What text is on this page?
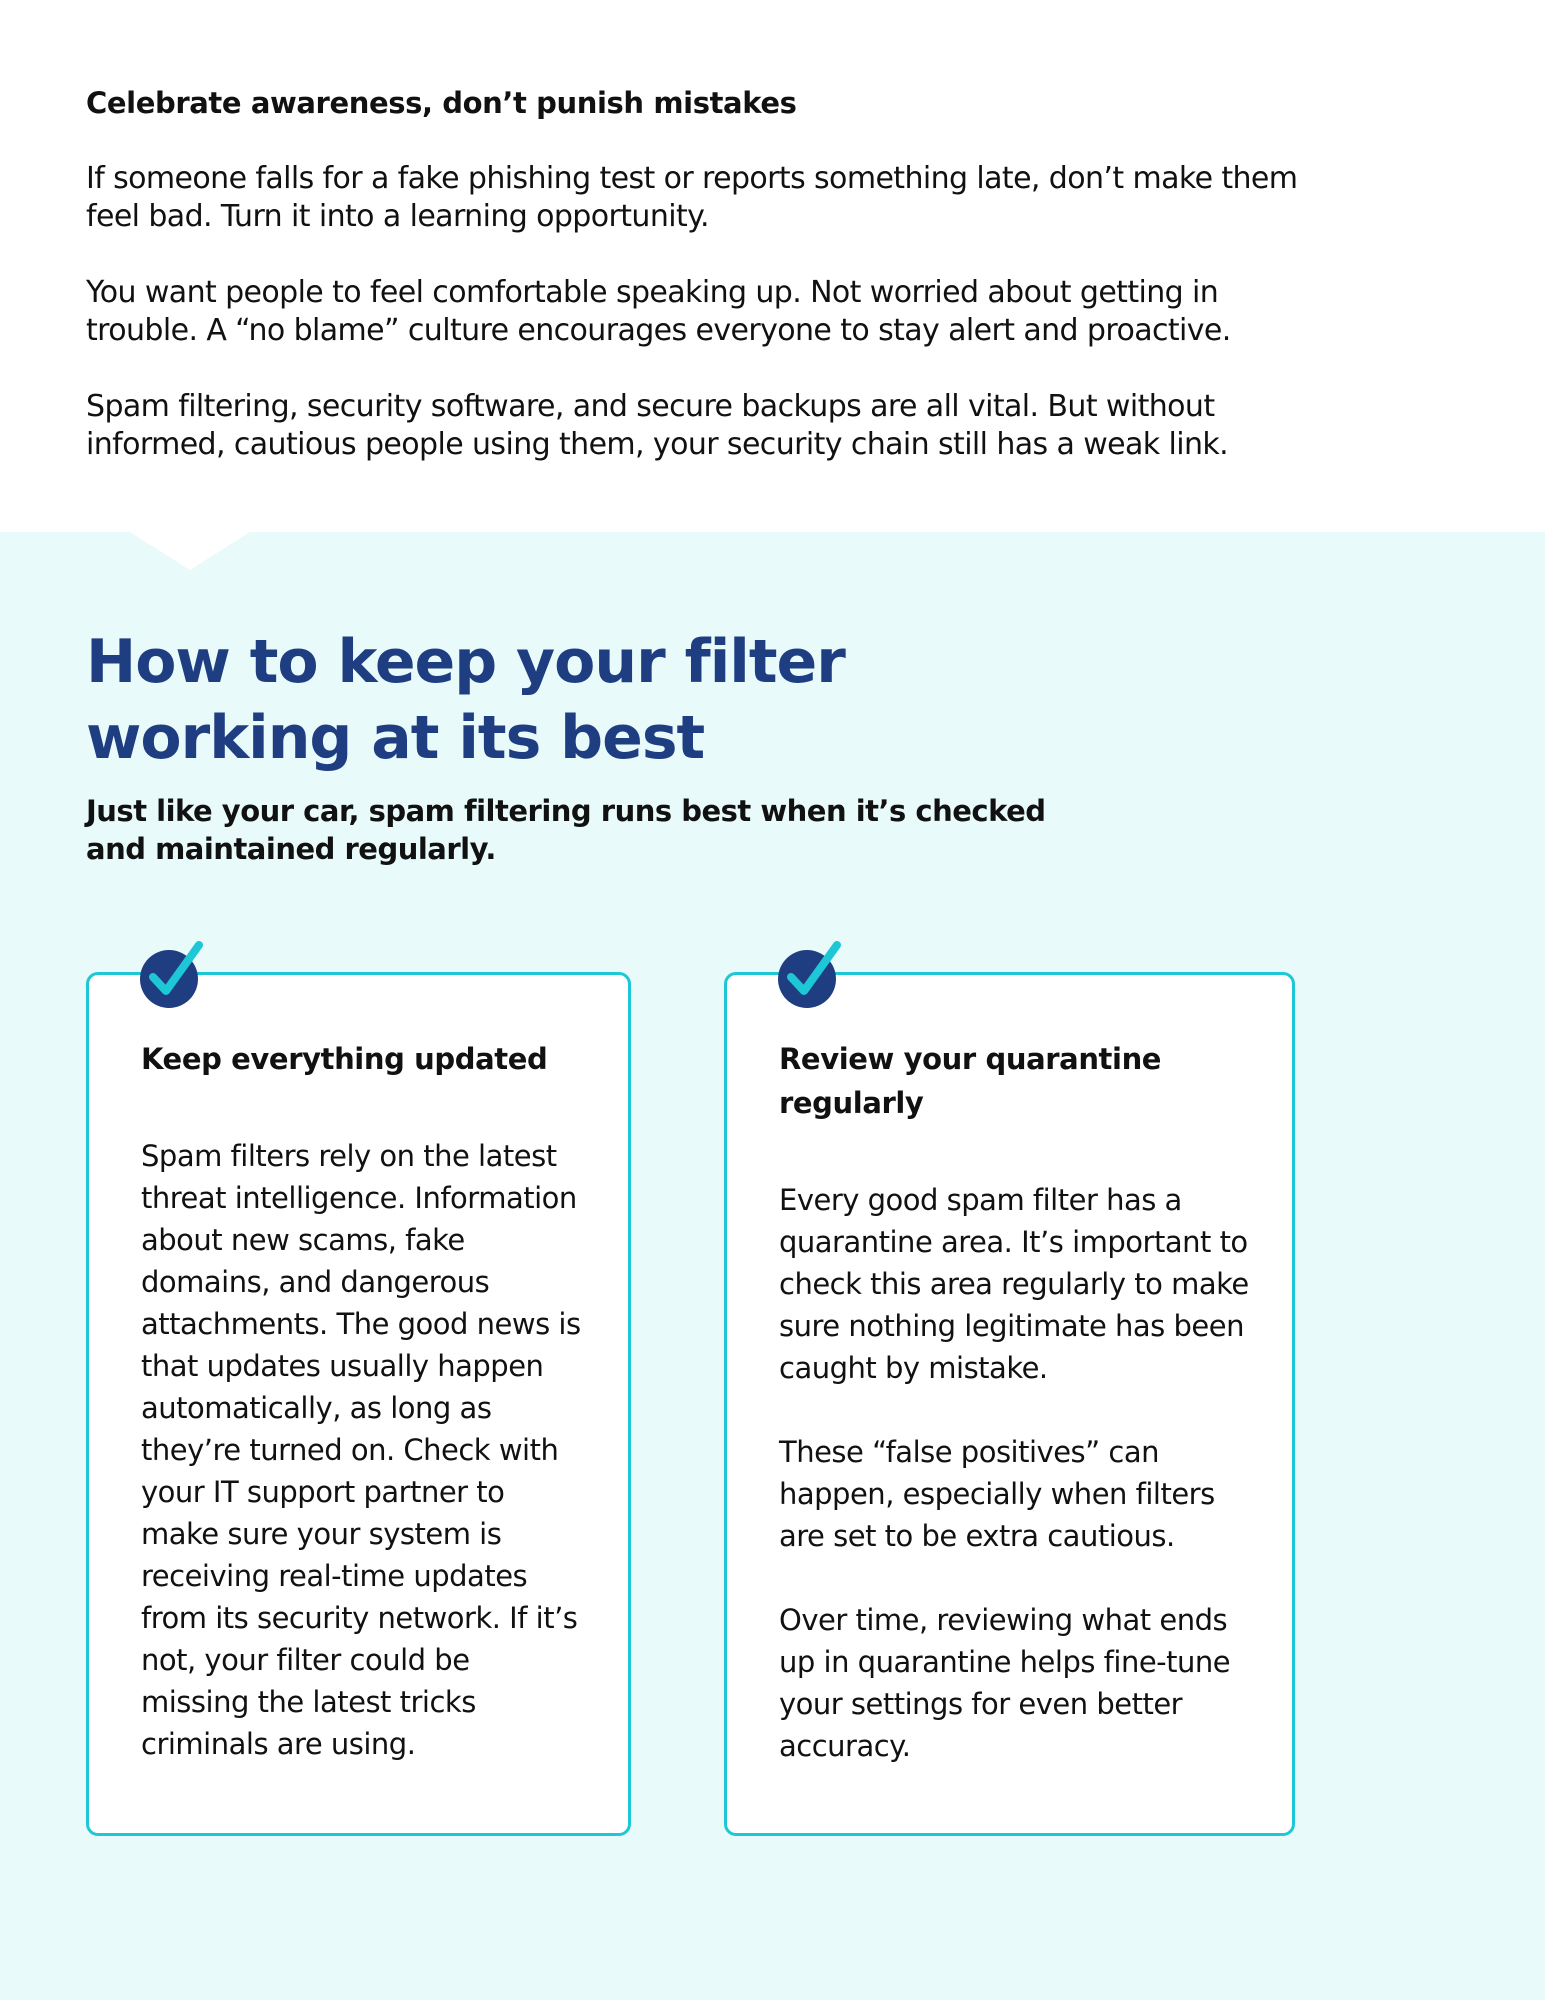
Celebrate awareness, don’t punish mistakes

If someone falls for a fake phishing test or reports something late, don’t make them feel bad. Turn it into a learning opportunity.

You want people to feel comfortable speaking up. Not worried about getting in trouble. A “no blame” culture encourages everyone to stay alert and proactive.

Spam filtering, security software, and secure backups are all vital. But without informed, cautious people using them, your security chain still has a weak link.

How to keep your filter working at its best

Just like your car, spam filtering runs best when it’s checked and maintained regularly.

Keep everything updated

Spam filters rely on the latest threat intelligence. Information about new scams, fake domains, and dangerous attachments. The good news is that updates usually happen automatically, as long as they’re turned on. Check with your IT support partner to make sure your system is receiving real-time updates from its security network. If it’s not, your filter could be missing the latest tricks criminals are using.

Review your quarantine regularly

Every good spam filter has a quarantine area. It’s important to check this area regularly to make sure nothing legitimate has been caught by mistake.

These “false positives” can happen, especially when filters are set to be extra cautious.

Over time, reviewing what ends up in quarantine helps fine-tune your settings for even better accuracy.
